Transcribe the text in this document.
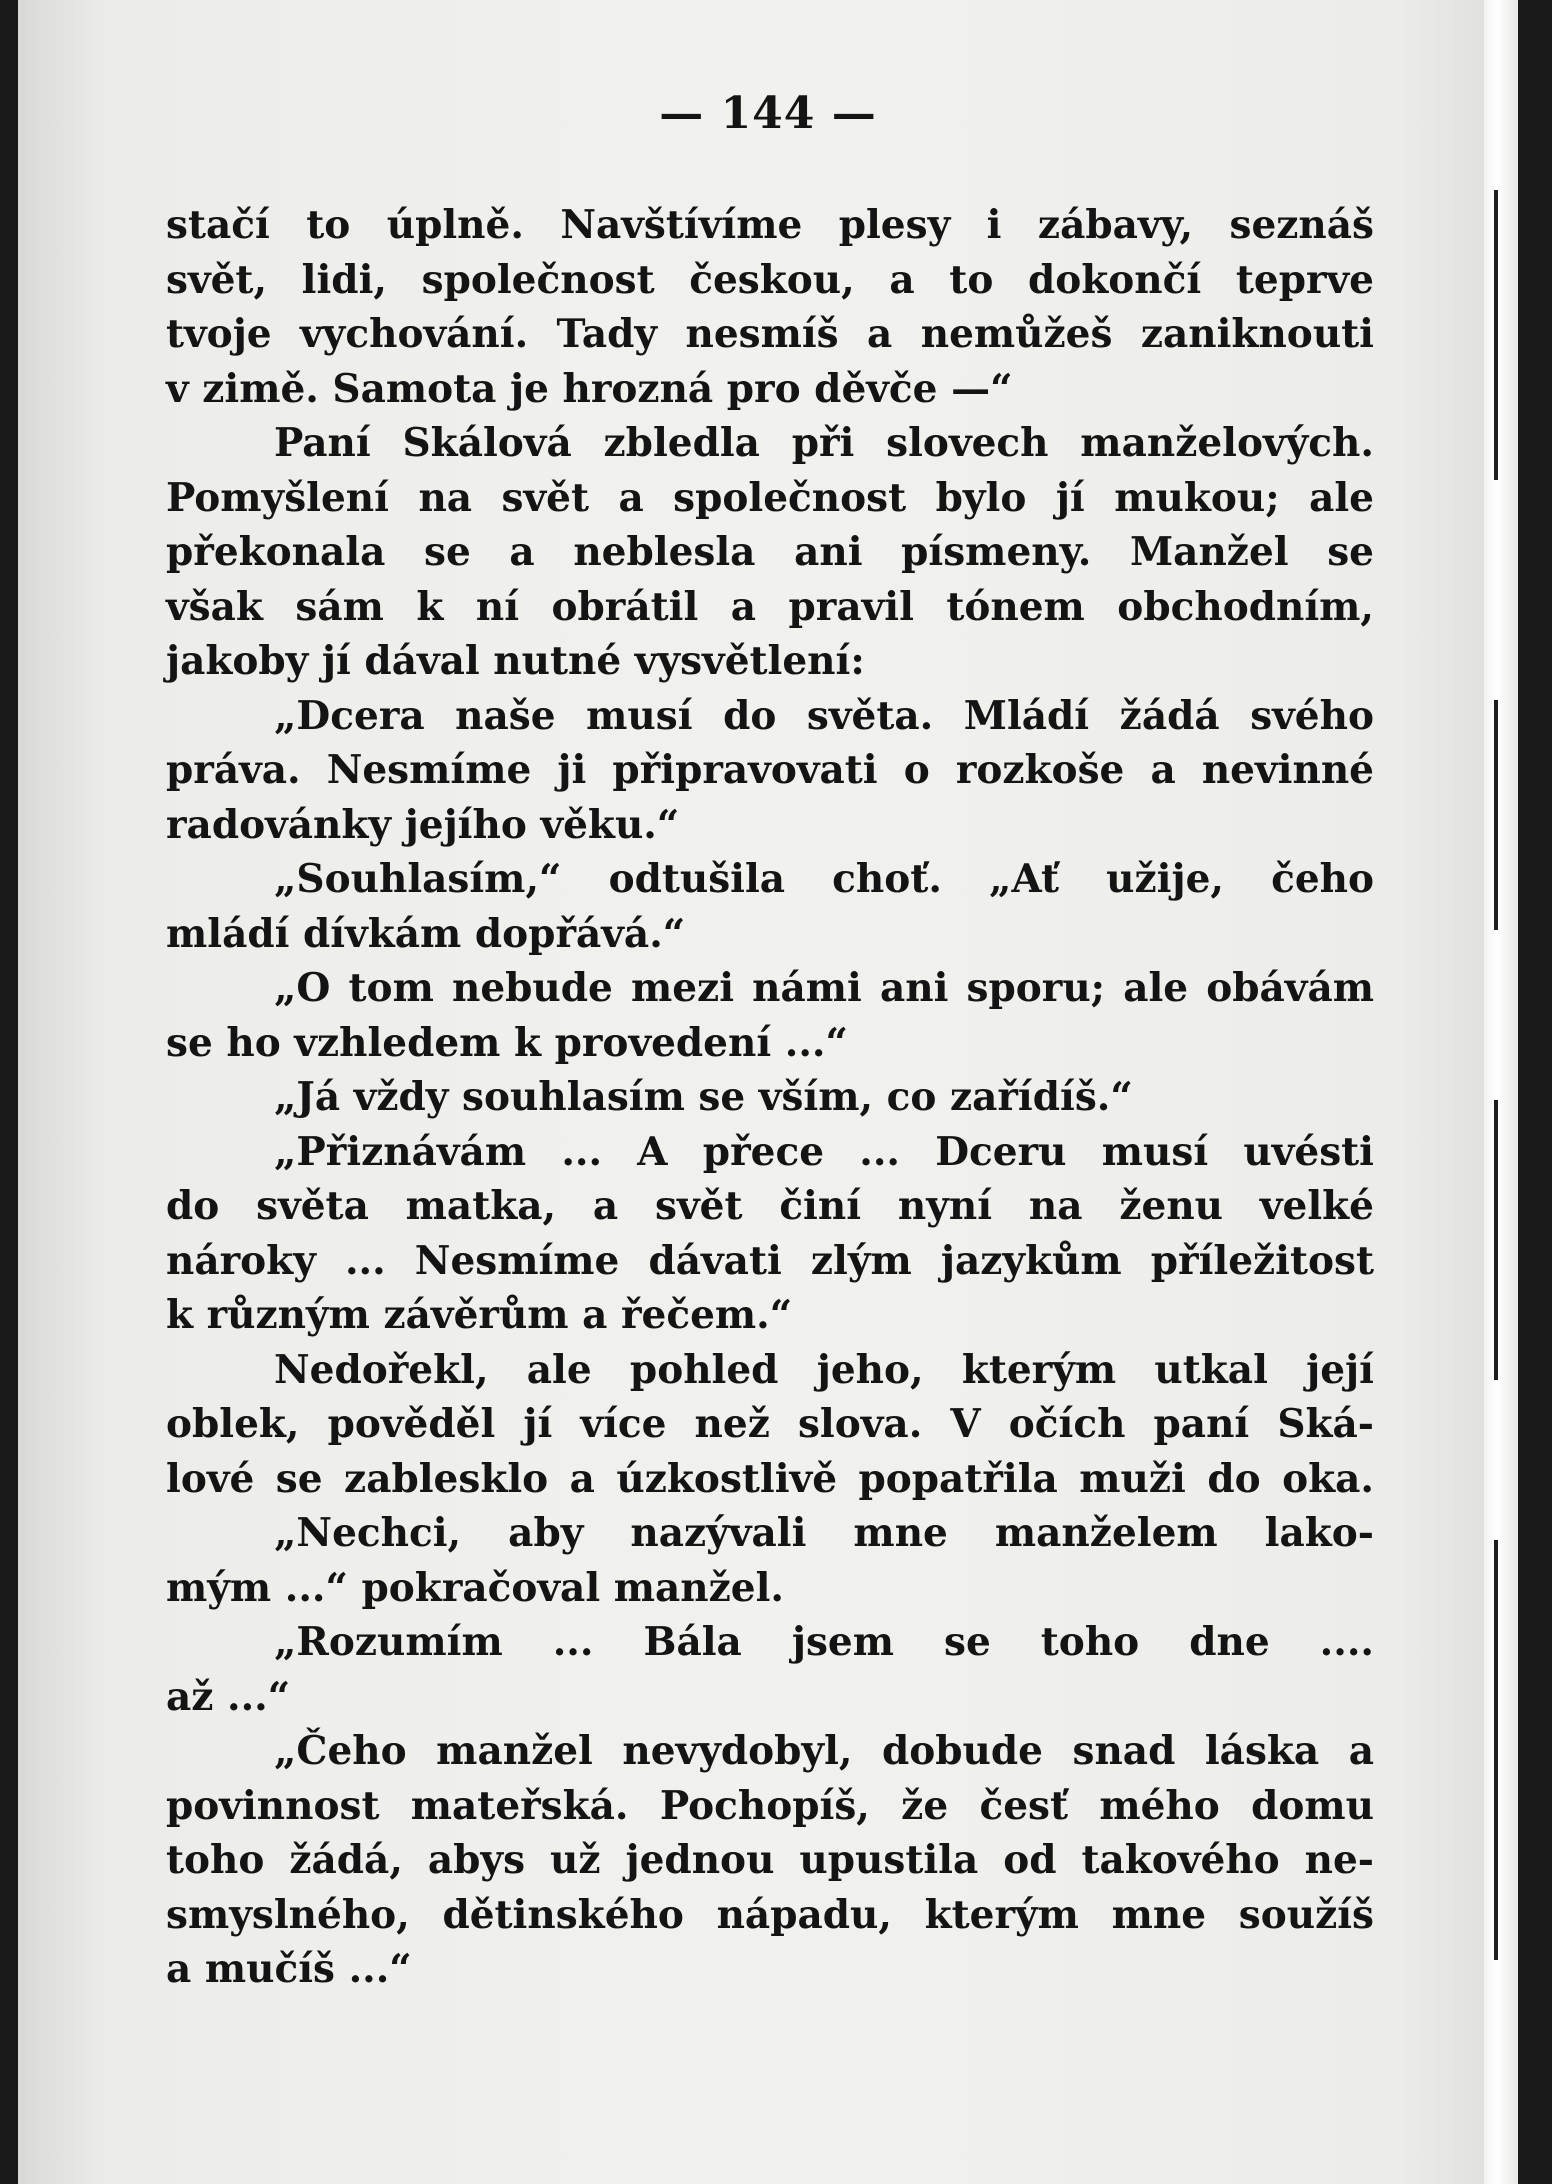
— 144 —
stačí to úplně. Navštívíme plesy i zábavy, seznáš
svět, lidi, společnost českou, a to dokončí teprve
tvoje vychování. Tady nesmíš a nemůžeš zaniknouti
v zimě. Samota je hrozná pro děvče —“
Paní Skálová zbledla při slovech manželových.
Pomyšlení na svět a společnost bylo jí mukou; ale
překonala se a neblesla ani písmeny. Manžel se
však sám k ní obrátil a pravil tónem obchodním,
jakoby jí dával nutné vysvětlení:
„Dcera naše musí do světa. Mládí žádá svého
práva. Nesmíme ji připravovati o rozkoše a nevinné
radovánky jejího věku.“
„Souhlasím,“ odtušila choť. „Ať užije, čeho
mládí dívkám dopřává.“
„O tom nebude mezi námi ani sporu; ale obávám
se ho vzhledem k provedení ...“
„Já vždy souhlasím se vším, co zařídíš.“
„Přiznávám ... A přece ... Dceru musí uvésti
do světa matka, a svět činí nyní na ženu velké
nároky ... Nesmíme dávati zlým jazykům příležitost
k různým závěrům a řečem.“
Nedořekl, ale pohled jeho, kterým utkal její
oblek, pověděl jí více než slova. V očích paní Ská-
lové se zablesklo a úzkostlivě popatřila muži do oka.
„Nechci, aby nazývali mne manželem lako-
mým ...“ pokračoval manžel.
„Rozumím ... Bála jsem se toho dne ....
až ...“
„Čeho manžel nevydobyl, dobude snad láska a
povinnost mateřská. Pochopíš, že česť mého domu
toho žádá, abys už jednou upustila od takového ne-
smyslného, dětinského nápadu, kterým mne soužíš
a mučíš ...“
